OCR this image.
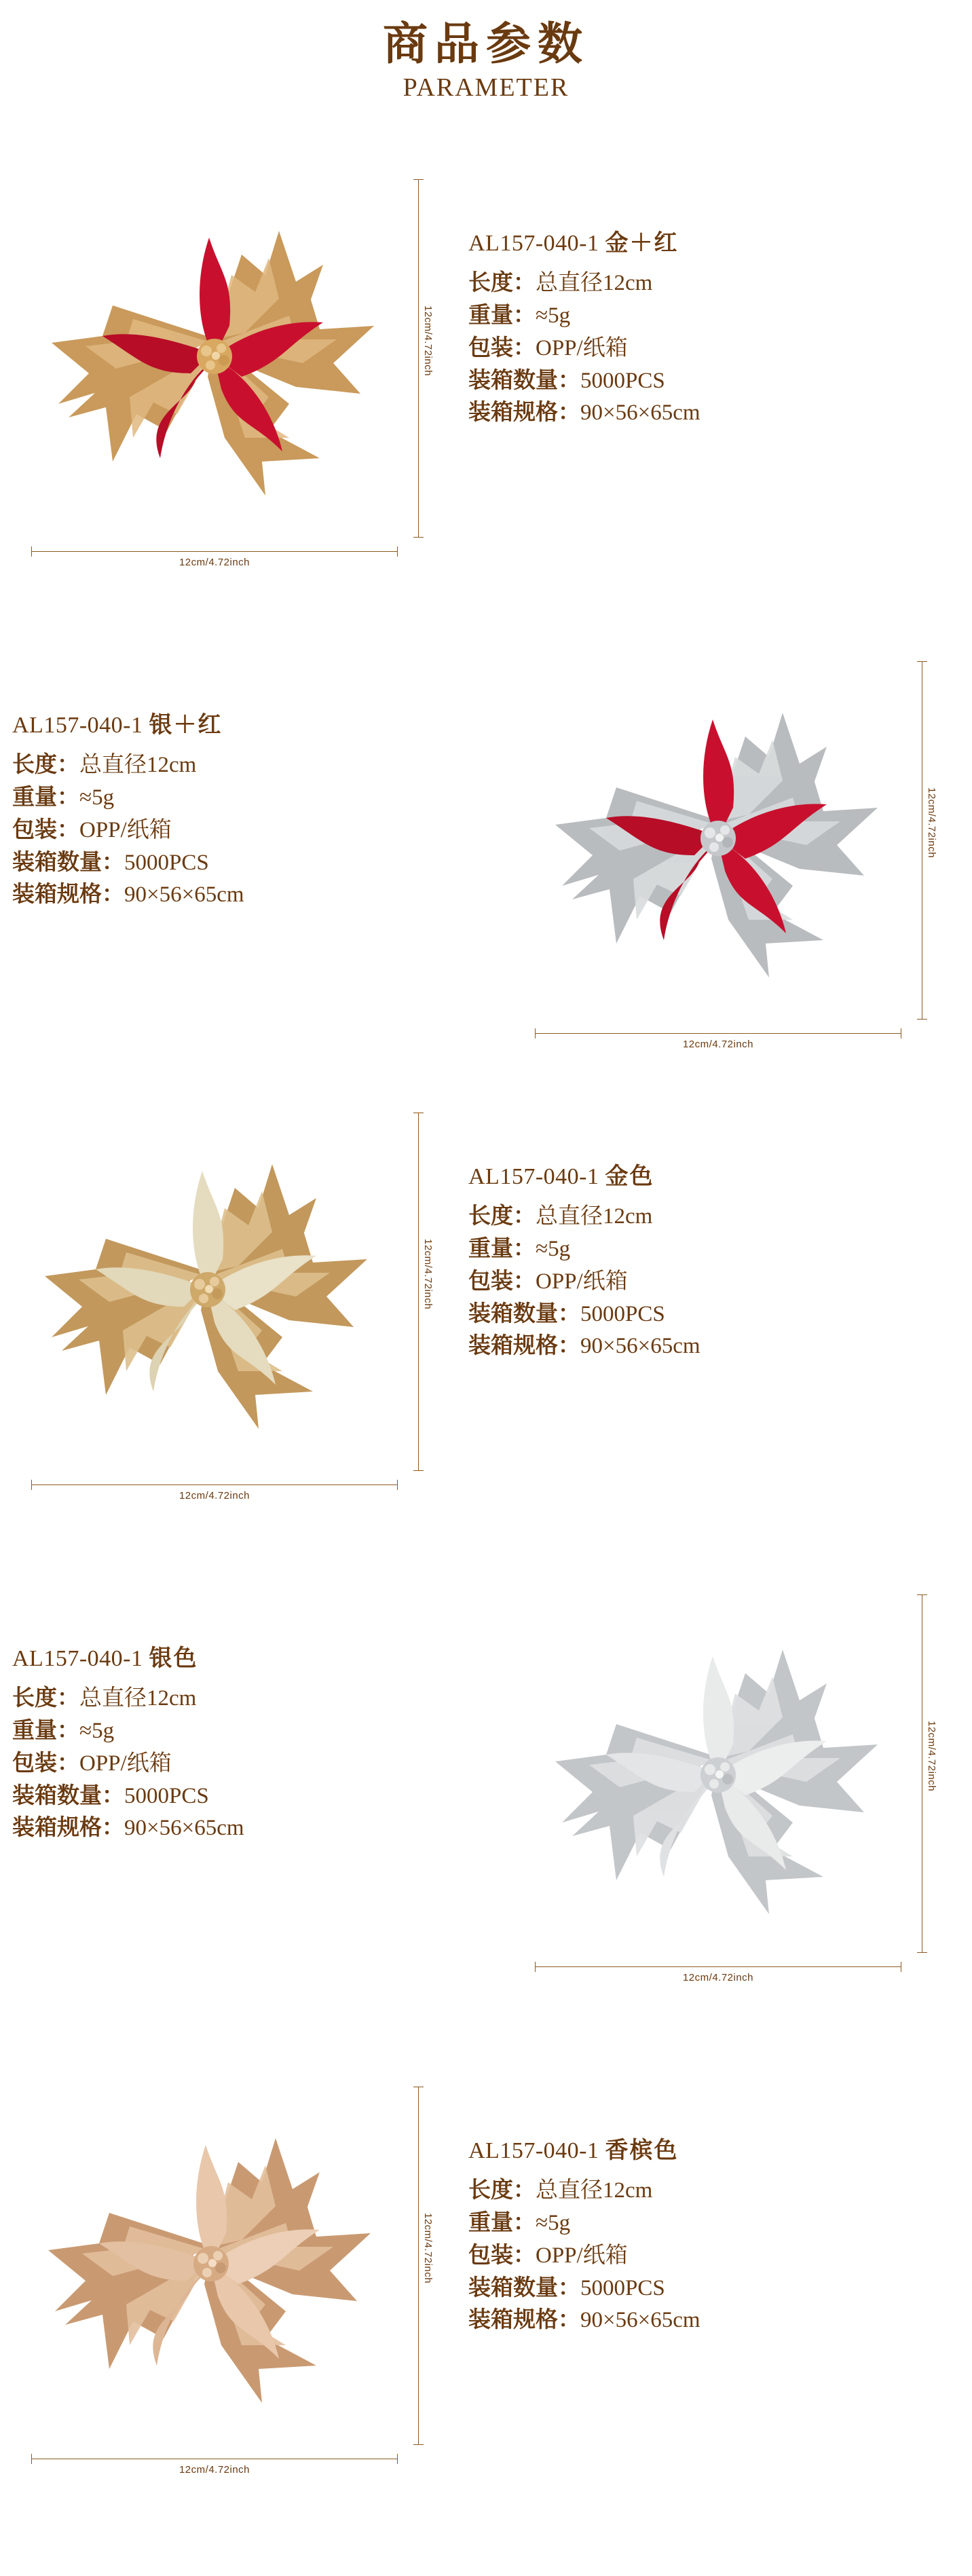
商品参数
PARAMETER
12cm/4.72inch
12cm/4.72inch
AL157-040-1 金＋红
长度：总直径12cm
重量：≈5g
包装：OPP/纸箱
装箱数量：5000PCS
装箱规格：90×56×65cm
12cm/4.72inch
12cm/4.72inch
AL157-040-1 银＋红
长度：总直径12cm
重量：≈5g
包装：OPP/纸箱
装箱数量：5000PCS
装箱规格：90×56×65cm
12cm/4.72inch
12cm/4.72inch
AL157-040-1 金色
长度：总直径12cm
重量：≈5g
包装：OPP/纸箱
装箱数量：5000PCS
装箱规格：90×56×65cm
12cm/4.72inch
12cm/4.72inch
AL157-040-1 银色
长度：总直径12cm
重量：≈5g
包装：OPP/纸箱
装箱数量：5000PCS
装箱规格：90×56×65cm
12cm/4.72inch
12cm/4.72inch
AL157-040-1 香槟色
长度：总直径12cm
重量：≈5g
包装：OPP/纸箱
装箱数量：5000PCS
装箱规格：90×56×65cm
